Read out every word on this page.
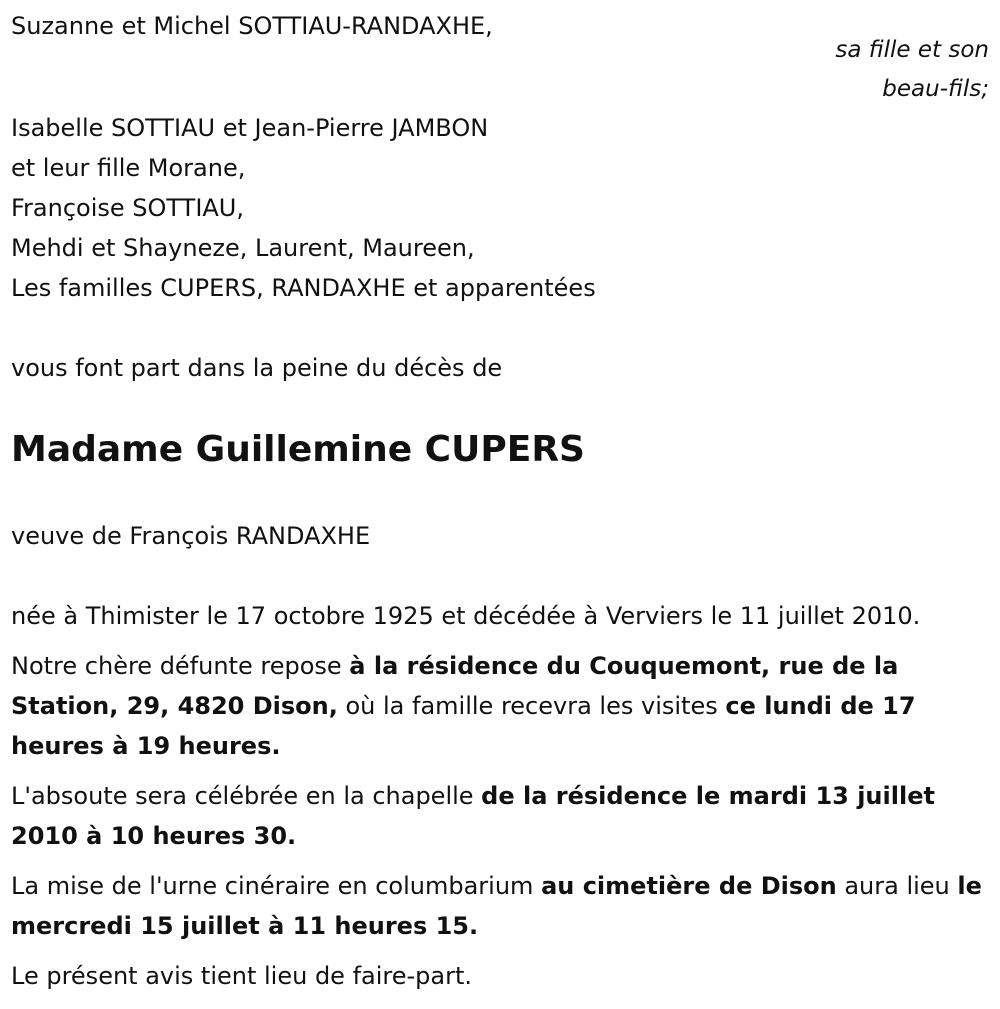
Suzanne et Michel SOTTIAU-RANDAXHE,
sa fille et son
beau-fils;
Isabelle SOTTIAU et Jean-Pierre JAMBON
et leur fille Morane,
Françoise SOTTIAU,
Mehdi et Shayneze, Laurent, Maureen,
Les familles CUPERS, RANDAXHE et apparentées
vous font part dans la peine du décès de
Madame Guillemine CUPERS
veuve de François RANDAXHE
née à Thimister le 17 octobre 1925 et décédée à Verviers le 11 juillet 2010.
Notre chère défunte repose à la résidence du Couquemont, rue de la Station, 29, 4820 Dison, où la famille recevra les visites ce lundi de 17 heures à 19 heures.
L'absoute sera célébrée en la chapelle de la résidence le mardi 13 juillet 2010 à 10 heures 30.
La mise de l'urne cinéraire en columbarium au cimetière de Dison aura lieu le mercredi 15 juillet à 11 heures 15.
Le présent avis tient lieu de faire-part.
